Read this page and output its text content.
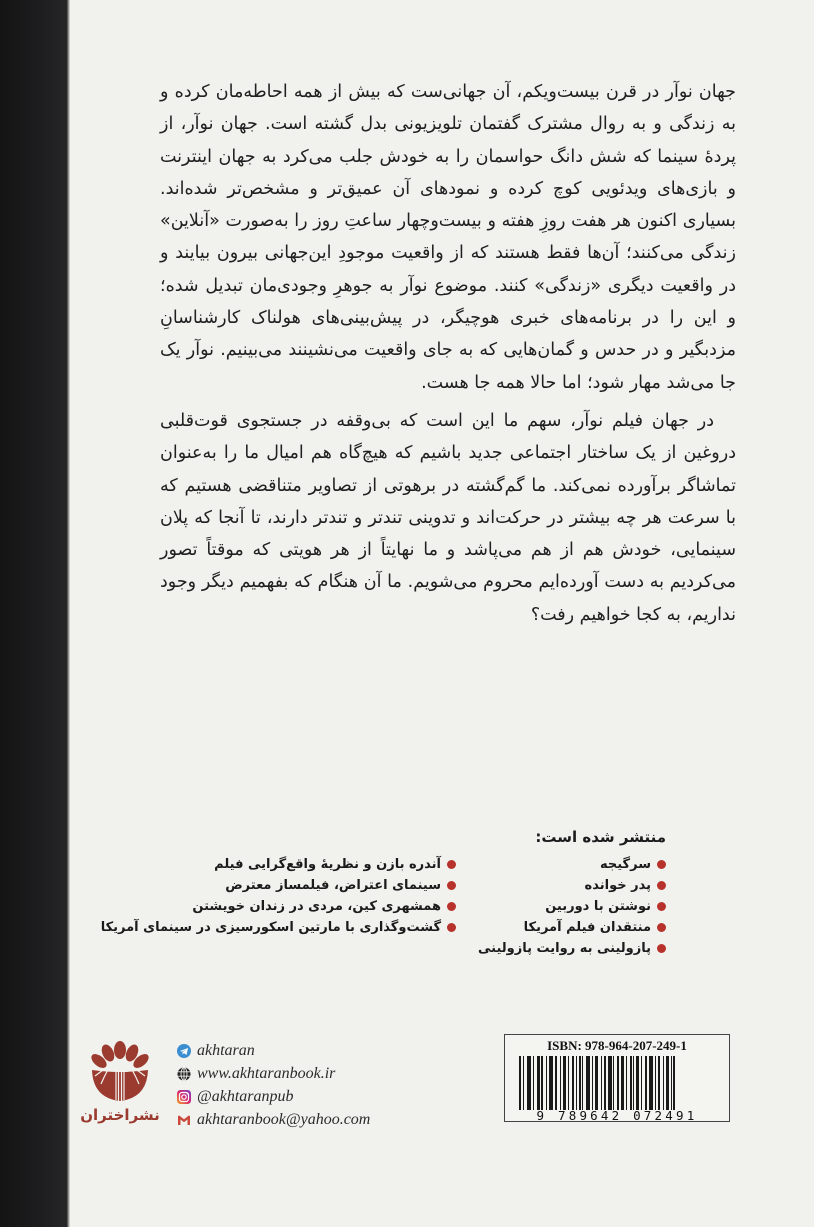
جهان نوآر در قرن بیست‌ویکم، آن جهانی‌ست که بیش از همه احاطه‌مان کرده و به زندگی و به روال مشترک گفتمان تلویزیونی بدل گشته است. جهان نوآر، از پردهٔ سینما که شش دانگ حواسمان را به خودش جلب می‌کرد به جهان اینترنت و بازی‌های ویدئویی کوچ کرده و نمودهای آن عمیق‌تر و مشخص‌تر شده‌اند. بسیاری اکنون هر هفت روزِ هفته و بیست‌وچهار ساعتِ روز را به‌صورت «آنلاین» زندگی می‌کنند؛ آن‌ها فقط هستند که از واقعیت موجودِ این‌جهانی بیرون بیایند و در واقعیت دیگری «زندگی» کنند. موضوع نوآر به جوهرِ وجودی‌مان تبدیل شده؛ و این را در برنامه‌های خبری هوچیگر، در پیش‌بینی‌های هولناک کارشناسانِ مزدبگیر و در حدس و گمان‌هایی که به جای واقعیت می‌نشینند می‌بینیم. نوآر یک جا می‌شد مهار شود؛ اما حالا همه جا هست.

در جهان فیلم نوآر، سهم ما این است که بی‌وقفه در جستجوی قوت‌قلبی دروغین از یک ساختار اجتماعی جدید باشیم که هیچ‌گاه هم امیال ما را به‌عنوان تماشاگر برآورده نمی‌کند. ما گم‌گشته در برهوتی از تصاویر متناقضی هستیم که با سرعت هر چه بیشتر در حرکت‌اند و تدوینی تندتر و تندتر دارند، تا آنجا که پلان سینمایی، خودش هم از هم می‌پاشد و ما نهایتاً از هر هویتی که موقتاً تصور می‌کردیم به دست آورده‌ایم محروم می‌شویم. ما آن هنگام که بفهمیم دیگر وجود نداریم، به کجا خواهیم رفت؟

منتشر شده است:
سرگیجه
پدر خوانده
نوشتن با دوربین
منتقدان فیلم آمریکا
پازولینی به روایت پازولینی
آندره بازن و نظریهٔ واقع‌گرایی فیلم
سینمای اعتراض، فیلمساز معترض
همشهری کین، مردی در زندان خویشتن
گشت‌وگذاری با مارتین اسکورسیزی در سینمای آمریکا
نشراختران
akhtaran
www.akhtaranbook.ir
@akhtaranpub
akhtaranbook@yahoo.com
ISBN: 978-964-207-249-1
9 789642 072491
